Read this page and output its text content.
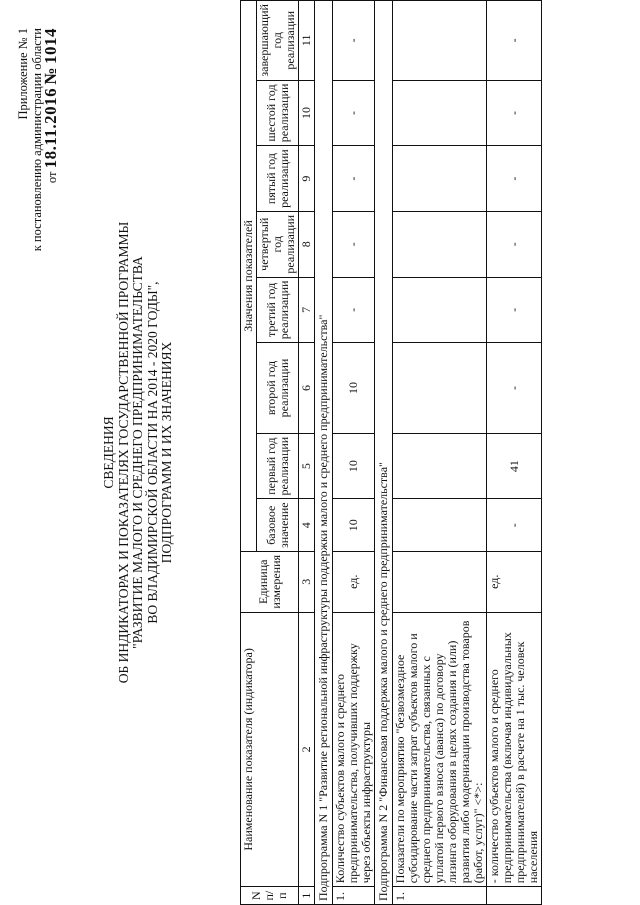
Приложение № 1 к постановлению администрации области от 18.11.2016 № 1014
СВЕДЕНИЯ ОБ ИНДИКАТОРАХ И ПОКАЗАТЕЛЯХ ГОСУДАРСТВЕННОЙ ПРОГРАММЫ "РАЗВИТИЕ МАЛОГО И СРЕДНЕГО ПРЕДПРИНИМАТЕЛЬСТВА ВО ВЛАДИМИРСКОЙ ОБЛАСТИ НА 2014 - 2020 ГОДЫ", ПОДПРОГРАММ И ИХ ЗНАЧЕНИЯХ
N п/п	Наименование показателя (индикатора)	Единица измерения	Значения показателей							
			базовое значение	первый год реализации	второй год реализации	третий год реализации	четвертый год реализации	пятый год реализации	шестой год реализации	завершающий год реализации
1	2	3	4	5	6	7	8	9	10	11
Подпрограмма N 1 "Развитие региональной инфраструктуры поддержки малого и среднего предпринимательства"										
1.	Количество субъектов малого и среднего предпринимательства, получивших поддержку через объекты инфраструктуры	ед.	10	10	10	-	-	-	-	-
Подпрограмма N 2 "Финансовая поддержка малого и среднего предпринимательства"										
1.	Показатели по мероприятию "безвозмездное субсидирование части затрат субъектов малого и среднего предпринимательства, связанных с уплатой первого взноса (аванса) по договору лизинга оборудования в целях создания и (или) развития либо модернизации производства товаров (работ, услуг)" <*>:									
	- количество субъектов малого и среднего предпринимательства (включая индивидуальных предпринимателей) в расчете на 1 тыс. человек населения	ед.	-	41	-	-	-	-	-	-
